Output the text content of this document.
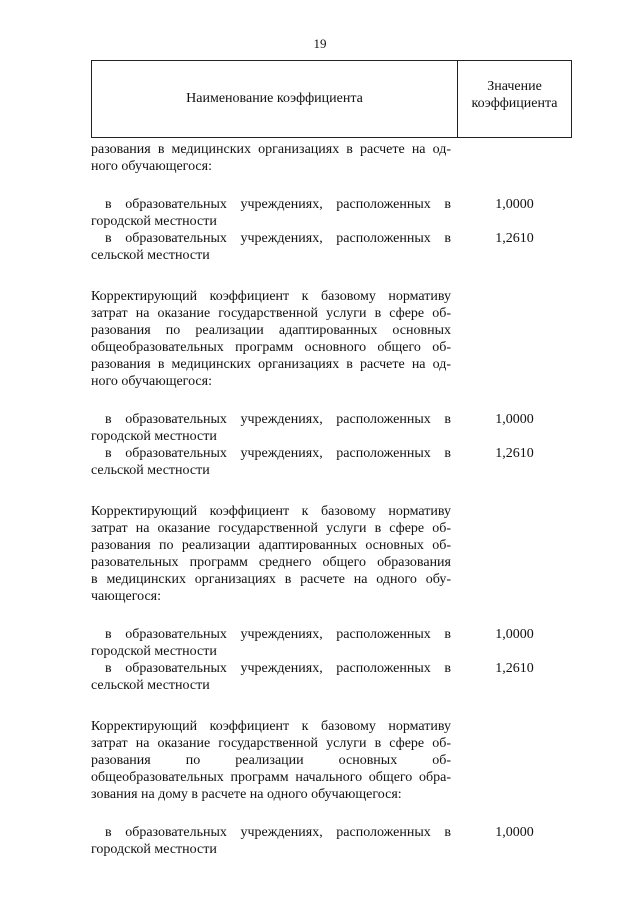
19
Наименование коэффициента
Значение
коэффициента
разования в медицинских организациях в расчете на од-
ного обучающегося:
в образовательных учреждениях, расположенных в
городской местности
1,0000
в образовательных учреждениях, расположенных в
сельской местности
1,2610
Корректирующий коэффициент к базовому нормативу
затрат на оказание государственной услуги в сфере об-
разования по реализации адаптированных основных
общеобразовательных программ основного общего об-
разования в медицинских организациях в расчете на од-
ного обучающегося:
в образовательных учреждениях, расположенных в
городской местности
1,0000
в образовательных учреждениях, расположенных в
сельской местности
1,2610
Корректирующий коэффициент к базовому нормативу
затрат на оказание государственной услуги в сфере об-
разования по реализации адаптированных основных об-
разовательных программ среднего общего образования
в медицинских организациях в расчете на одного обу-
чающегося:
в образовательных учреждениях, расположенных в
городской местности
1,0000
в образовательных учреждениях, расположенных в
сельской местности
1,2610
Корректирующий коэффициент к базовому нормативу
затрат на оказание государственной услуги в сфере об-
разования по реализации основных об-
общеобразовательных программ начального общего обра-
зования на дому в расчете на одного обучающегося:
в образовательных учреждениях, расположенных в
городской местности
1,0000
